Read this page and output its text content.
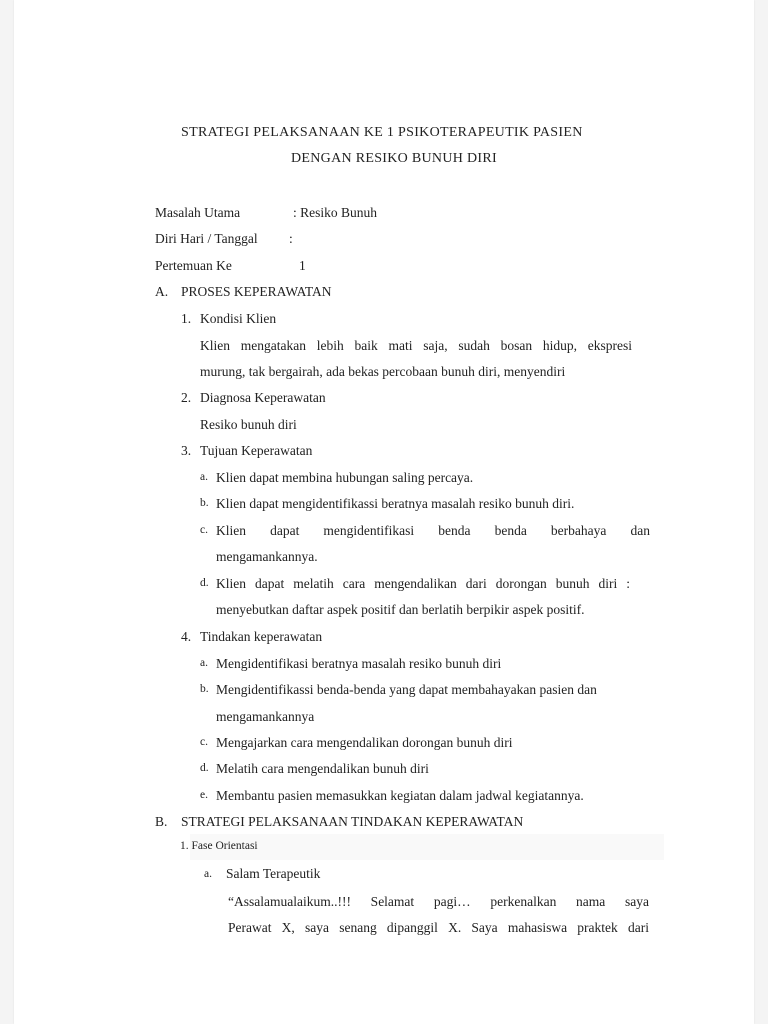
STRATEGI PELAKSANAAN KE 1 PSIKOTERAPEUTIK PASIEN
DENGAN RESIKO BUNUH DIRI
Masalah Utama	: Resiko Bunuh
Diri Hari / Tanggal :
Pertemuan Ke	1
A. PROSES KEPERAWATAN
1. Kondisi Klien
Klien mengatakan lebih baik mati saja, sudah bosan hidup, ekspresi
murung, tak bergairah, ada bekas percobaan bunuh diri, menyendiri
2. Diagnosa Keperawatan
Resiko bunuh diri
3. Tujuan Keperawatan
a. Klien dapat membina hubungan saling percaya.
b. Klien dapat mengidentifikassi beratnya masalah resiko bunuh diri.
c. Klien dapat mengidentifikasi benda benda berbahaya dan
mengamankannya.
d. Klien dapat melatih cara mengendalikan dari dorongan bunuh diri :
menyebutkan daftar aspek positif dan berlatih berpikir aspek positif.
4. Tindakan keperawatan
a. Mengidentifikasi beratnya masalah resiko bunuh diri
b. Mengidentifikassi benda-benda yang dapat membahayakan pasien dan
mengamankannya
c. Mengajarkan cara mengendalikan dorongan bunuh diri
d. Melatih cara mengendalikan bunuh diri
e. Membantu pasien memasukkan kegiatan dalam jadwal kegiatannya.
B. STRATEGI PELAKSANAAN TINDAKAN KEPERAWATAN
1. Fase Orientasi
a. Salam Terapeutik
“Assalamualaikum..!!! Selamat pagi… perkenalkan nama saya
Perawat X, saya senang dipanggil X. Saya mahasiswa praktek dari
